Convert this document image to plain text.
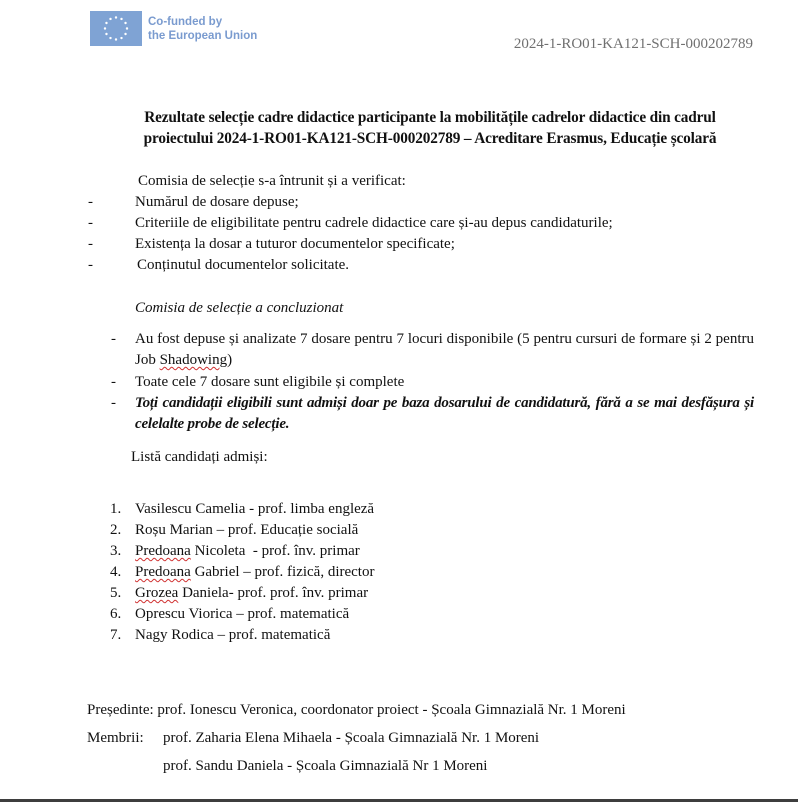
Co-funded by
the European Union
2024-1-RO01-KA121-SCH-000202789
Rezultate selecție cadre didactice participante la mobilitățile cadrelor didactice din cadrul
proiectului 2024-1-RO01-KA121-SCH-000202789 – Acreditare Erasmus, Educație școlară
Comisia de selecție s-a întrunit și a verificat:
-	Numărul de dosare depuse;
-	Criteriile de eligibilitate pentru cadrele didactice care și-au depus candidaturile;
-	Existența la dosar a tuturor documentelor specificate;
-	Conținutul documentelor solicitate.
Comisia de selecție a concluzionat
- Au fost depuse și analizate 7 dosare pentru 7 locuri disponibile (5 pentru cursuri de formare și 2 pentru Job Shadowing)
- Toate cele 7 dosare sunt eligibile și complete
- Toți candidații eligibili sunt admiși doar pe baza dosarului de candidatură, fără a se mai desfășura și celelalte probe de selecție.
Listă candidați admiși:
1. Vasilescu Camelia - prof. limba engleză
2. Roșu Marian – prof. Educație socială
3. Predoana Nicoleta  - prof. înv. primar
4. Predoana Gabriel – prof. fizică, director
5. Grozea Daniela- prof. prof. înv. primar
6. Oprescu Viorica – prof. matematică
7. Nagy Rodica – prof. matematică
Președinte: prof. Ionescu Veronica, coordonator proiect - Școala Gimnazială Nr. 1 Moreni
Membrii: prof. Zaharia Elena Mihaela - Școala Gimnazială Nr. 1 Moreni
prof. Sandu Daniela - Școala Gimnazială Nr 1 Moreni
